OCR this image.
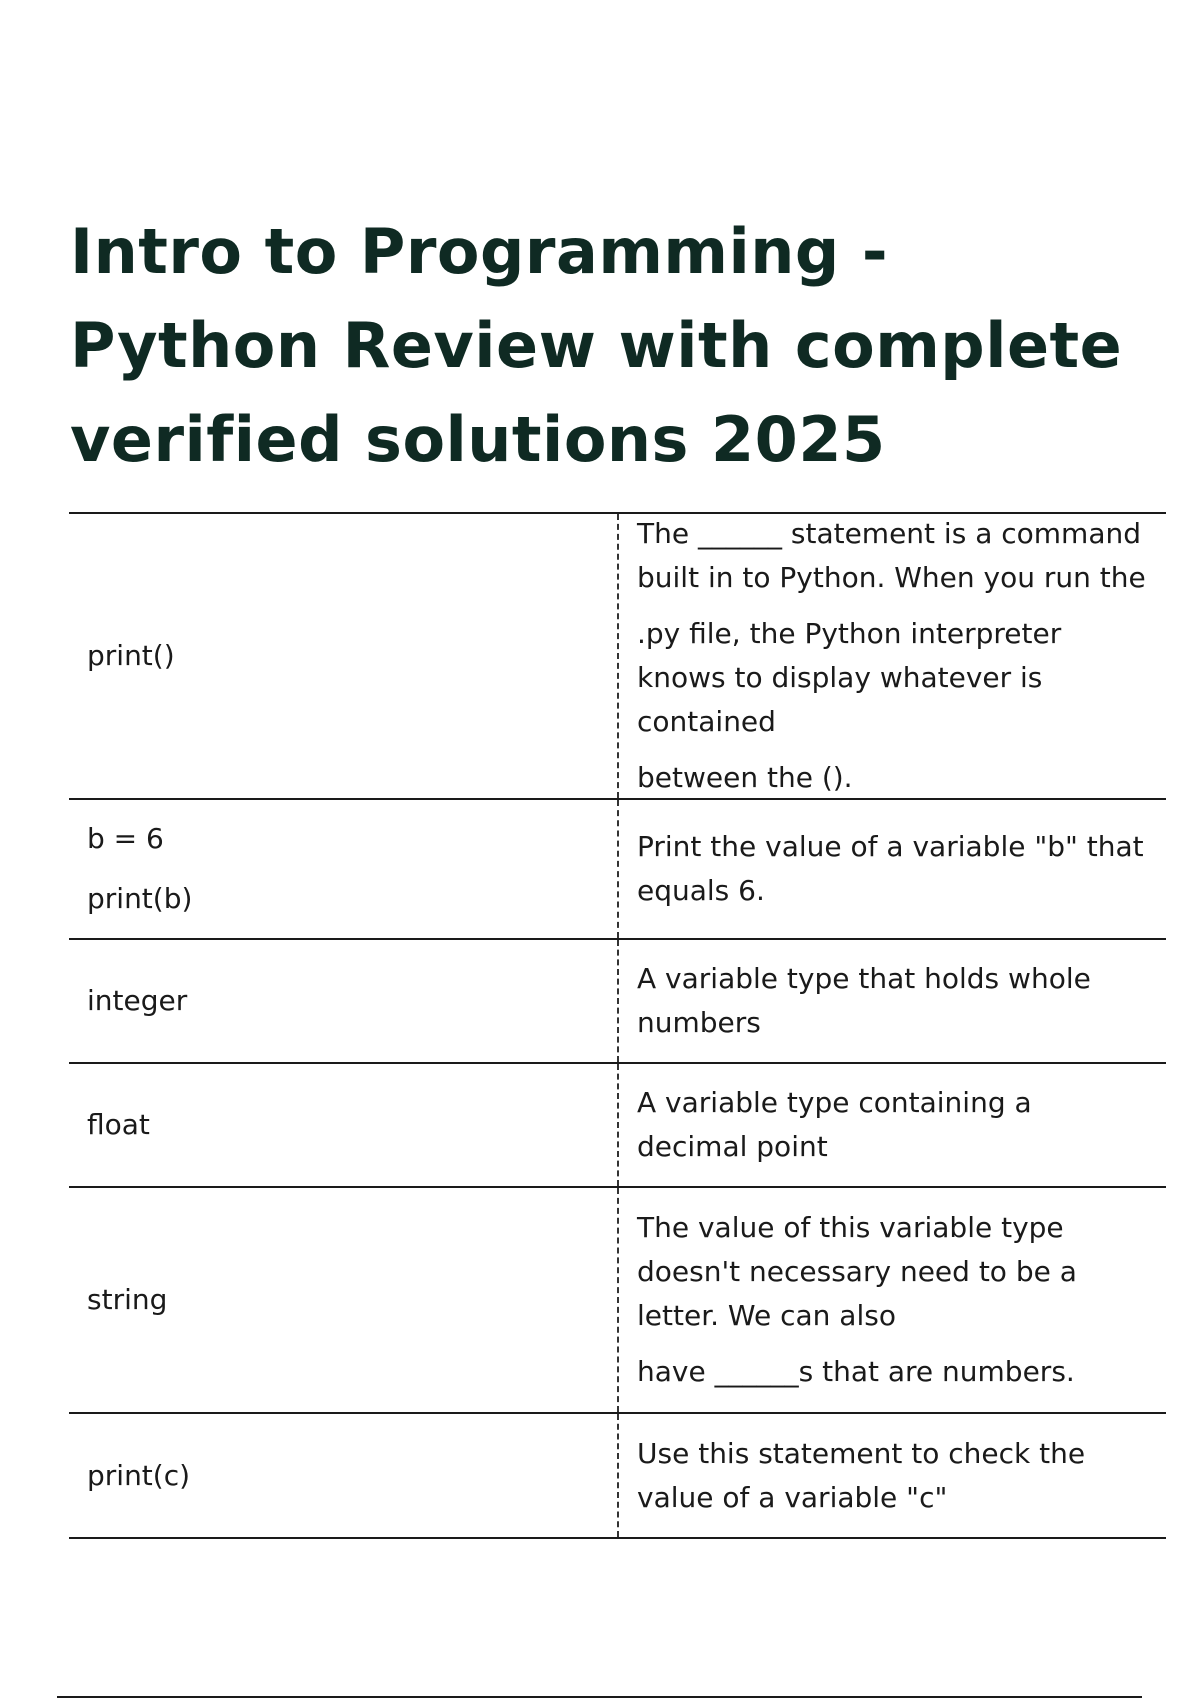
Intro to Programming - Python Review with complete verified solutions 2025

print()

The ______ statement is a command built in to Python. When you run the

.py file, the Python interpreter knows to display whatever is contained

between the ().

b = 6

print(b)

Print the value of a variable "b" that equals 6.

integer

A variable type that holds whole numbers

float

A variable type containing a decimal point

string

The value of this variable type doesn't necessary need to be a letter. We can also

have ______s that are numbers.

print(c)

Use this statement to check the value of a variable "c"
